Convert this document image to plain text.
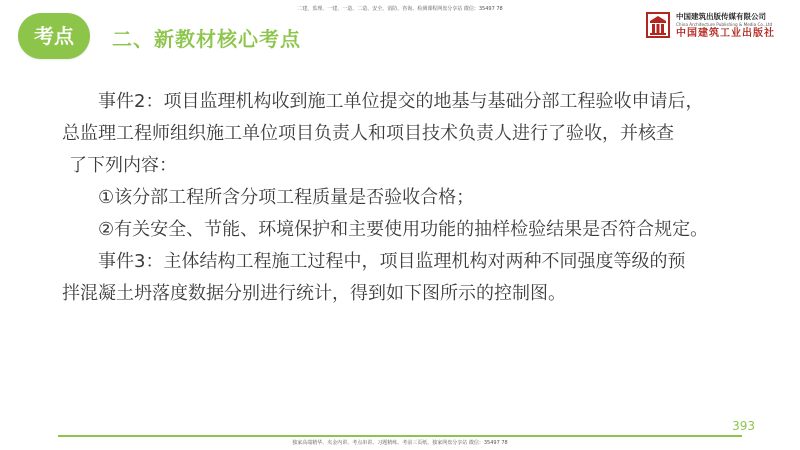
二建、监理、一建、一造、二造、安全、消防、咨询、检测课程网盘分享站 微信：35497 78
考点	二、新教材核心考点
中国建筑出版传媒有限公司
China Architecture Publishing & Media Co.,Ltd
中国建筑工业出版社

事件2：项目监理机构收到施工单位提交的地基与基础分部工程验收申请后，

总监理工程师组织施工单位项目负责人和项目技术负责人进行了验收，并核查

了下列内容：

①该分部工程所含分项工程质量是否验收合格；

②有关安全、节能、环境保护和主要使用功能的抽样检验结果是否符合规定。

事件3：主体结构工程施工过程中，项目监理机构对两种不同强度等级的预

拌混凝土坍落度数据分别进行统计，得到如下图所示的控制图。

393
独家高端精华、夹金内讲、考点串讲、习题精练、考前三页纸、独家网盘分享站 微信：35497 78
